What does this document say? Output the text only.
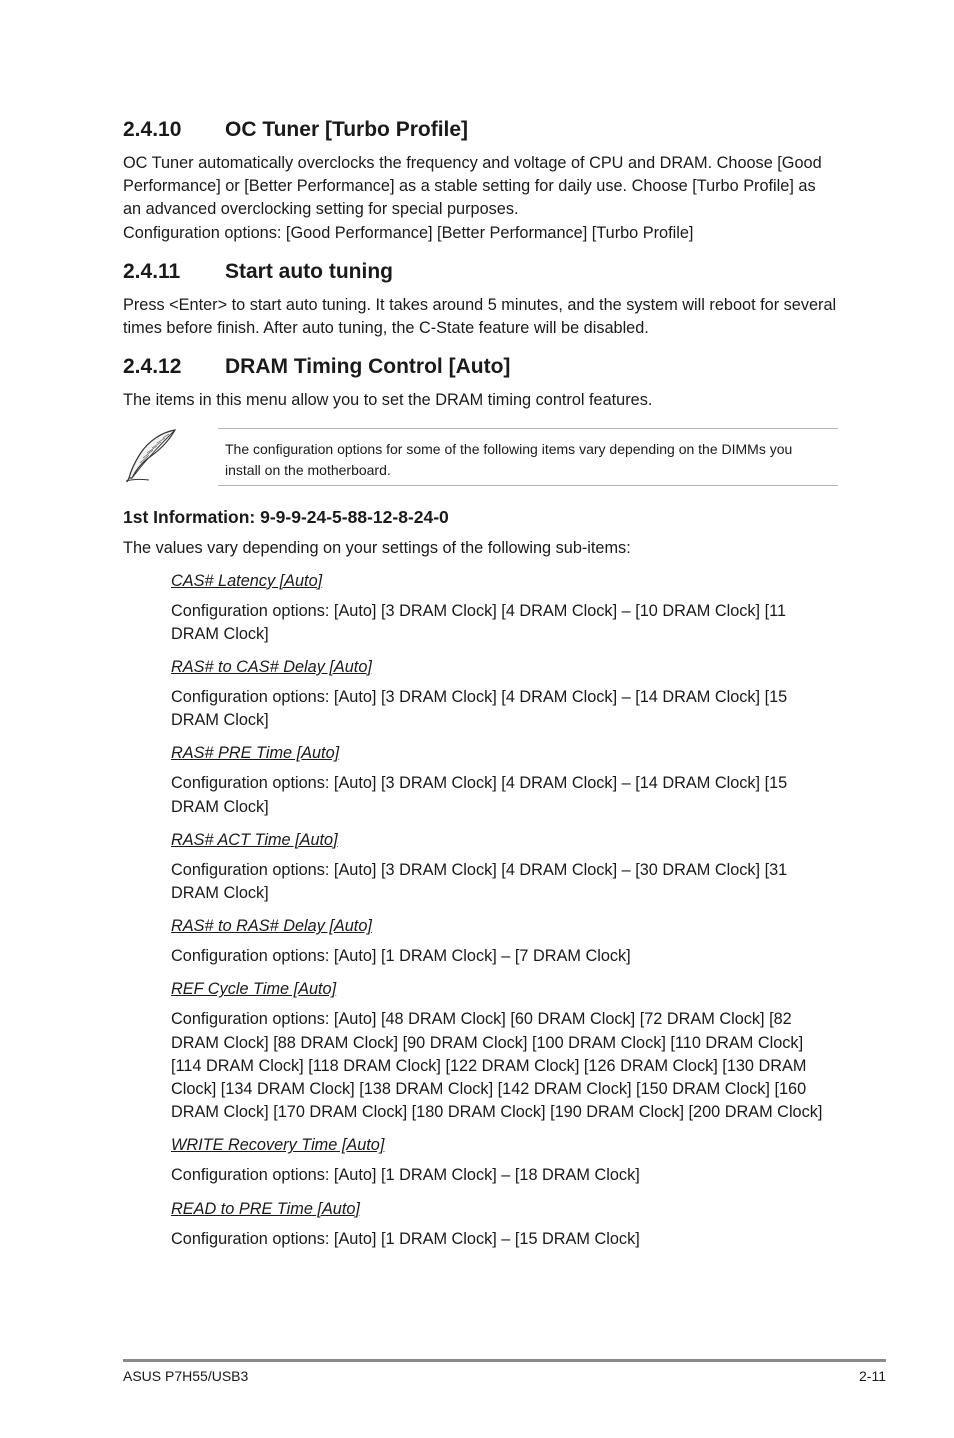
2.4.10	OC Tuner [Turbo Profile]

OC Tuner automatically overclocks the frequency and voltage of CPU and DRAM. Choose [Good Performance] or [Better Performance] as a stable setting for daily use. Choose [Turbo Profile] as an advanced overclocking setting for special purposes.

Configuration options: [Good Performance] [Better Performance] [Turbo Profile]

2.4.11	Start auto tuning

Press <Enter> to start auto tuning. It takes around 5 minutes, and the system will reboot for several times before finish. After auto tuning, the C-State feature will be disabled.

2.4.12	DRAM Timing Control [Auto]

The items in this menu allow you to set the DRAM timing control features.

The configuration options for some of the following items vary depending on the DIMMs you install on the motherboard.
1st Information: 9-9-9-24-5-88-12-8-24-0

The values vary depending on your settings of the following sub-items:

CAS# Latency [Auto]

Configuration options: [Auto] [3 DRAM Clock] [4 DRAM Clock] – [10 DRAM Clock] [11 DRAM Clock]

RAS# to CAS# Delay [Auto]

Configuration options: [Auto] [3 DRAM Clock] [4 DRAM Clock] – [14 DRAM Clock] [15 DRAM Clock]

RAS# PRE Time [Auto]

Configuration options: [Auto] [3 DRAM Clock] [4 DRAM Clock] – [14 DRAM Clock] [15 DRAM Clock]

RAS# ACT Time [Auto]

Configuration options: [Auto] [3 DRAM Clock] [4 DRAM Clock] – [30 DRAM Clock] [31 DRAM Clock]

RAS# to RAS# Delay [Auto]

Configuration options: [Auto] [1 DRAM Clock] – [7 DRAM Clock]

REF Cycle Time [Auto]

Configuration options: [Auto] [48 DRAM Clock] [60 DRAM Clock] [72 DRAM Clock] [82 DRAM Clock] [88 DRAM Clock] [90 DRAM Clock] [100 DRAM Clock] [110 DRAM Clock] [114 DRAM Clock] [118 DRAM Clock] [122 DRAM Clock] [126 DRAM Clock] [130 DRAM Clock] [134 DRAM Clock] [138 DRAM Clock] [142 DRAM Clock] [150 DRAM Clock] [160 DRAM Clock] [170 DRAM Clock] [180 DRAM Clock] [190 DRAM Clock] [200 DRAM Clock]

WRITE Recovery Time [Auto]

Configuration options: [Auto] [1 DRAM Clock] – [18 DRAM Clock]

READ to PRE Time [Auto]

Configuration options: [Auto] [1 DRAM Clock] – [15 DRAM Clock]

ASUS P7H55/USB3	2-11
